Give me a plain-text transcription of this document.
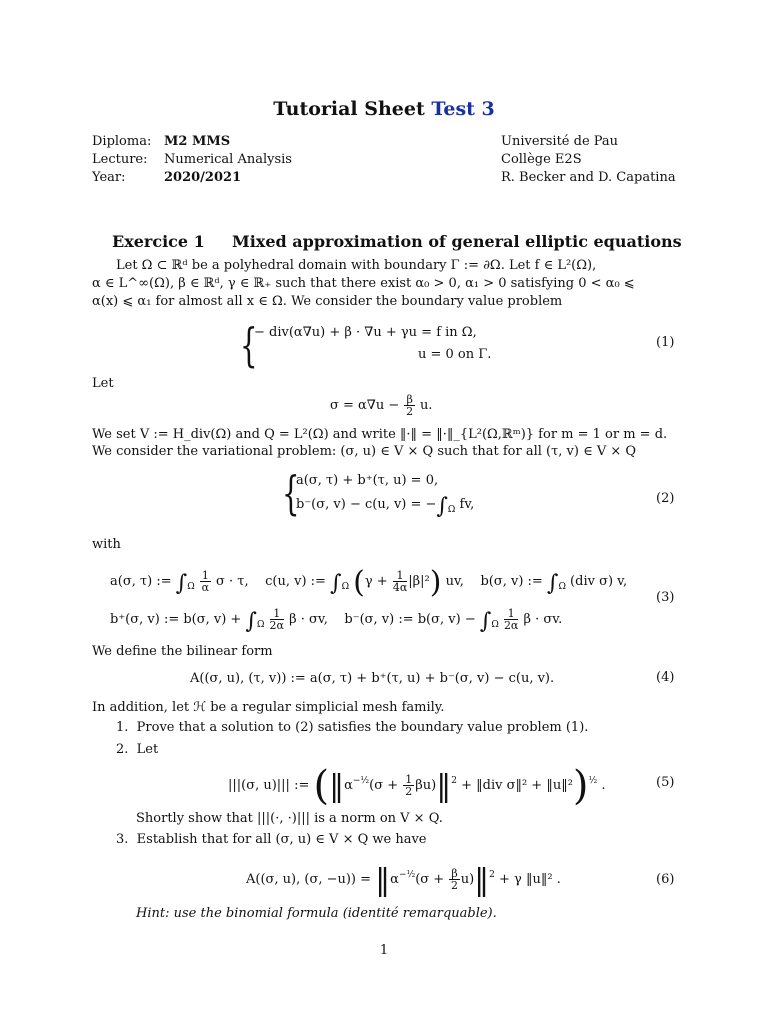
Tutorial Sheet Test 3
Diploma: M2 MMS
Lecture: Numerical Analysis
Year:	2020/2021
Université de Pau
Collège E2S
R. Becker and D. Capatina
Exercice 1 Mixed approximation of general elliptic equations
Let Ω ⊂ ℝᵈ be a polyhedral domain with boundary Γ := ∂Ω. Let f ∈ L²(Ω),
α ∈ L^∞(Ω), β ∈ ℝᵈ, γ ∈ ℝ₊ such that there exist α₀ > 0, α₁ > 0 satisfying 0 < α₀ ⩽
α(x) ⩽ α₁ for almost all x ∈ Ω. We consider the boundary value problem
{
− div(α∇u) + β · ∇u + γu = f in Ω,
u = 0 on Γ.
(1)
Let
$\sigma = \alpha\nabla u - \frac{\beta}{2} u$.
We set V := H_div(Ω) and Q = L²(Ω) and write ‖·‖ = ‖·‖_{L²(Ω,ℝᵐ)} for m = 1 or m = d.
We consider the variational problem: (σ, u) ∈ V × Q such that for all (τ, v) ∈ V × Q
{
a(σ, τ) + b⁺(τ, u) = 0,
b⁻(σ, v) − c(u, $v) = -\int_\Omega$ fv,	(2)
with
a(σ, τ) := $\int_\Omega \frac{1}{\alpha}$ σ · τ, c(u, v) := $\int_\Omega$ $(\gamma + \frac{1}{4\alpha} |\beta|^2)$ uv, b(σ, v) := $\int_\Omega$ (div σ) v,
b⁺(σ, v) := b(σ, $v) + \int_\Omega \frac{1}{2\alpha}$ β · σv, b⁻(σ, v) := b(σ, $v) - \int_\Omega \frac{1}{2\alpha}$ β · σv.
(3)
We define the bilinear form
A((σ, u), (τ, v)) := a(σ, τ) + b⁺(τ, u) + b⁻(σ, v) − c(u, v).	(4)
In addition, let ℋ be a regular simplicial mesh family.
1. Prove that a solution to (2) satisfies the boundary value problem (1).
2. Let
|||(σ, u)||| := ($‖\alpha^{-\frac{1}{2}}(\sigma + \frac{1}{2}$ βu)‖$^2$ + ‖div σ‖² + ‖u‖²)$^{\frac{1}{2}}$ .	(5)
Shortly show that |||(·, ·)||| is a norm on V × Q.
3. Establish that for all (σ, u) ∈ V × Q we have
A((σ, u), (σ, $-u)) = ‖\alpha^{-\frac{1}{2}}(\sigma + \frac{\beta}{2}$ u)‖$^2$ + γ ‖u‖² .	(6)
Hint: use the binomial formula (identité remarquable).
1
